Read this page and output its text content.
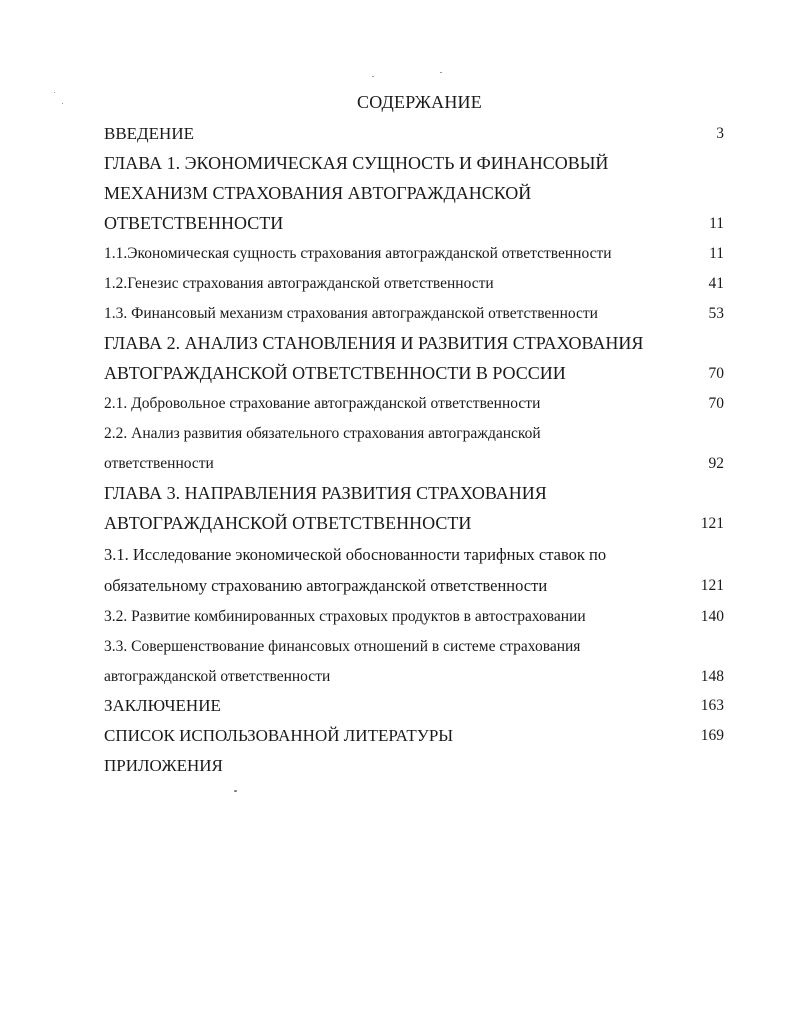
СОДЕРЖАНИЕ
ВВЕДЕНИЕ	3
ГЛАВА 1. ЭКОНОМИЧЕСКАЯ СУЩНОСТЬ И ФИНАНСОВЫЙ
МЕХАНИЗМ СТРАХОВАНИЯ АВТОГРАЖДАНСКОЙ
ОТВЕТСТВЕННОСТИ	11
1.1.Экономическая сущность страхования автогражданской ответственности	11
1.2.Генезис страхования автогражданской ответственности	41
1.3. Финансовый механизм страхования автогражданской ответственности	53
ГЛАВА 2. АНАЛИЗ СТАНОВЛЕНИЯ И РАЗВИТИЯ СТРАХОВАНИЯ
АВТОГРАЖДАНСКОЙ ОТВЕТСТВЕННОСТИ В РОССИИ	70
2.1. Добровольное страхование автогражданской ответственности	70
2.2. Анализ развития обязательного страхования автогражданской
ответственности	92
ГЛАВА 3. НАПРАВЛЕНИЯ РАЗВИТИЯ СТРАХОВАНИЯ
АВТОГРАЖДАНСКОЙ ОТВЕТСТВЕННОСТИ	121
3.1. Исследование экономической обоснованности тарифных ставок по
обязательному страхованию автогражданской ответственности	121
3.2. Развитие комбинированных страховых продуктов в автостраховании	140
3.3. Совершенствование финансовых отношений в системе страхования
автогражданской ответственности	148
ЗАКЛЮЧЕНИЕ	163
СПИСОК ИСПОЛЬЗОВАННОЙ ЛИТЕРАТУРЫ	169
ПРИЛОЖЕНИЯ
